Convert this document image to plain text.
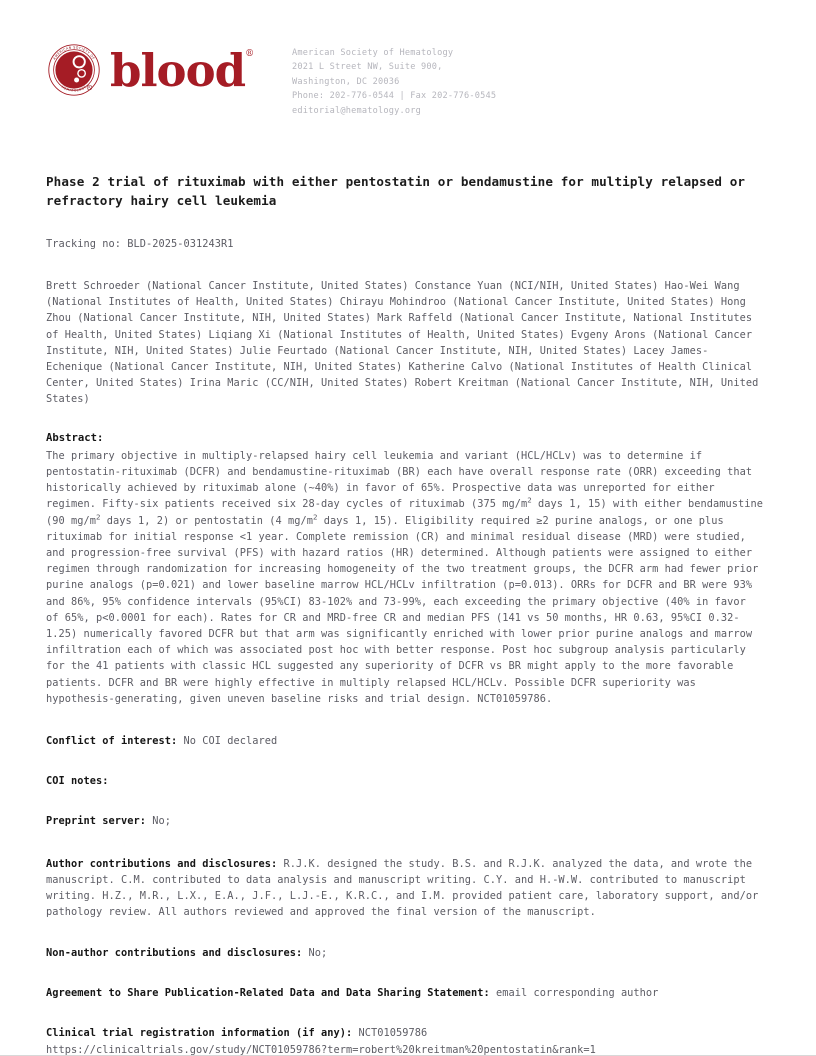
AMERICAN SOCIETY OF
HEMATOLOGY R blood ®	American Society of Hematology
2021 L Street NW, Suite 900,
Washington, DC 20036
Phone: 202-776-0544 | Fax 202-776-0545
editorial@hematology.org
Phase 2 trial of rituximab with either pentostatin or bendamustine for multiply relapsed or refractory hairy cell leukemia
Tracking no: BLD-2025-031243R1
Brett Schroeder (National Cancer Institute, United States) Constance Yuan (NCI/NIH, United States) Hao-Wei Wang (National Institutes of Health, United States) Chirayu Mohindroo (National Cancer Institute, United States) Hong Zhou (National Cancer Institute, NIH, United States) Mark Raffeld (National Cancer Institute, National Institutes of Health, United States) Liqiang Xi (National Institutes of Health, United States) Evgeny Arons (National Cancer Institute, NIH, United States) Julie Feurtado (National Cancer Institute, NIH, United States) Lacey James-Echenique (National Cancer Institute, NIH, United States) Katherine Calvo (National Institutes of Health Clinical Center, United States) Irina Maric (CC/NIH, United States) Robert Kreitman (National Cancer Institute, NIH, United States)
Abstract:
The primary objective in multiply-relapsed hairy cell leukemia and variant (HCL/HCLv) was to determine if pentostatin-rituximab (DCFR) and bendamustine-rituximab (BR) each have overall response rate (ORR) exceeding that historically achieved by rituximab alone (~40%) in favor of 65%. Prospective data was unreported for either regimen. Fifty-six patients received six 28-day cycles of rituximab (375 $mg/m^2$ days 1, 15) with either bendamustine (90 $mg/m^2$ days 1, 2) or pentostatin (4 $mg/m^2$ days 1, 15). Eligibility required ≥2 purine analogs, or one plus rituximab for initial response <1 year. Complete remission (CR) and minimal residual disease (MRD) were studied, and progression-free survival (PFS) with hazard ratios (HR) determined. Although patients were assigned to either regimen through randomization for increasing homogeneity of the two treatment groups, the DCFR arm had fewer prior purine analogs (p=0.021) and lower baseline marrow HCL/HCLv infiltration (p=0.013). ORRs for DCFR and BR were 93% and 86%, 95% confidence intervals (95%CI) 83-102% and 73-99%, each exceeding the primary objective (40% in favor of 65%, p<0.0001 for each). Rates for CR and MRD-free CR and median PFS (141 vs 50 months, HR 0.63, 95%CI 0.32-1.25) numerically favored DCFR but that arm was significantly enriched with lower prior purine analogs and marrow infiltration each of which was associated post hoc with better response. Post hoc subgroup analysis particularly for the 41 patients with classic HCL suggested any superiority of DCFR vs BR might apply to the more favorable patients. DCFR and BR were highly effective in multiply relapsed HCL/HCLv. Possible DCFR superiority was hypothesis-generating, given uneven baseline risks and trial design. NCT01059786.
Conflict of interest: No COI declared
COI notes:
Preprint server: No;
Author contributions and disclosures: R.J.K. designed the study. B.S. and R.J.K. analyzed the data, and wrote the manuscript. C.M. contributed to data analysis and manuscript writing. C.Y. and H.-W.W. contributed to manuscript writing. H.Z., M.R., L.X., E.A., J.F., L.J.-E., K.R.C., and I.M. provided patient care, laboratory support, and/or pathology review. All authors reviewed and approved the final version of the manuscript.
Non-author contributions and disclosures: No;
Agreement to Share Publication-Related Data and Data Sharing Statement: email corresponding author
Clinical trial registration information (if any): NCT01059786
https://clinicaltrials.gov/study/NCT01059786?term=robert%20kreitman%20pentostatin&rank=1
